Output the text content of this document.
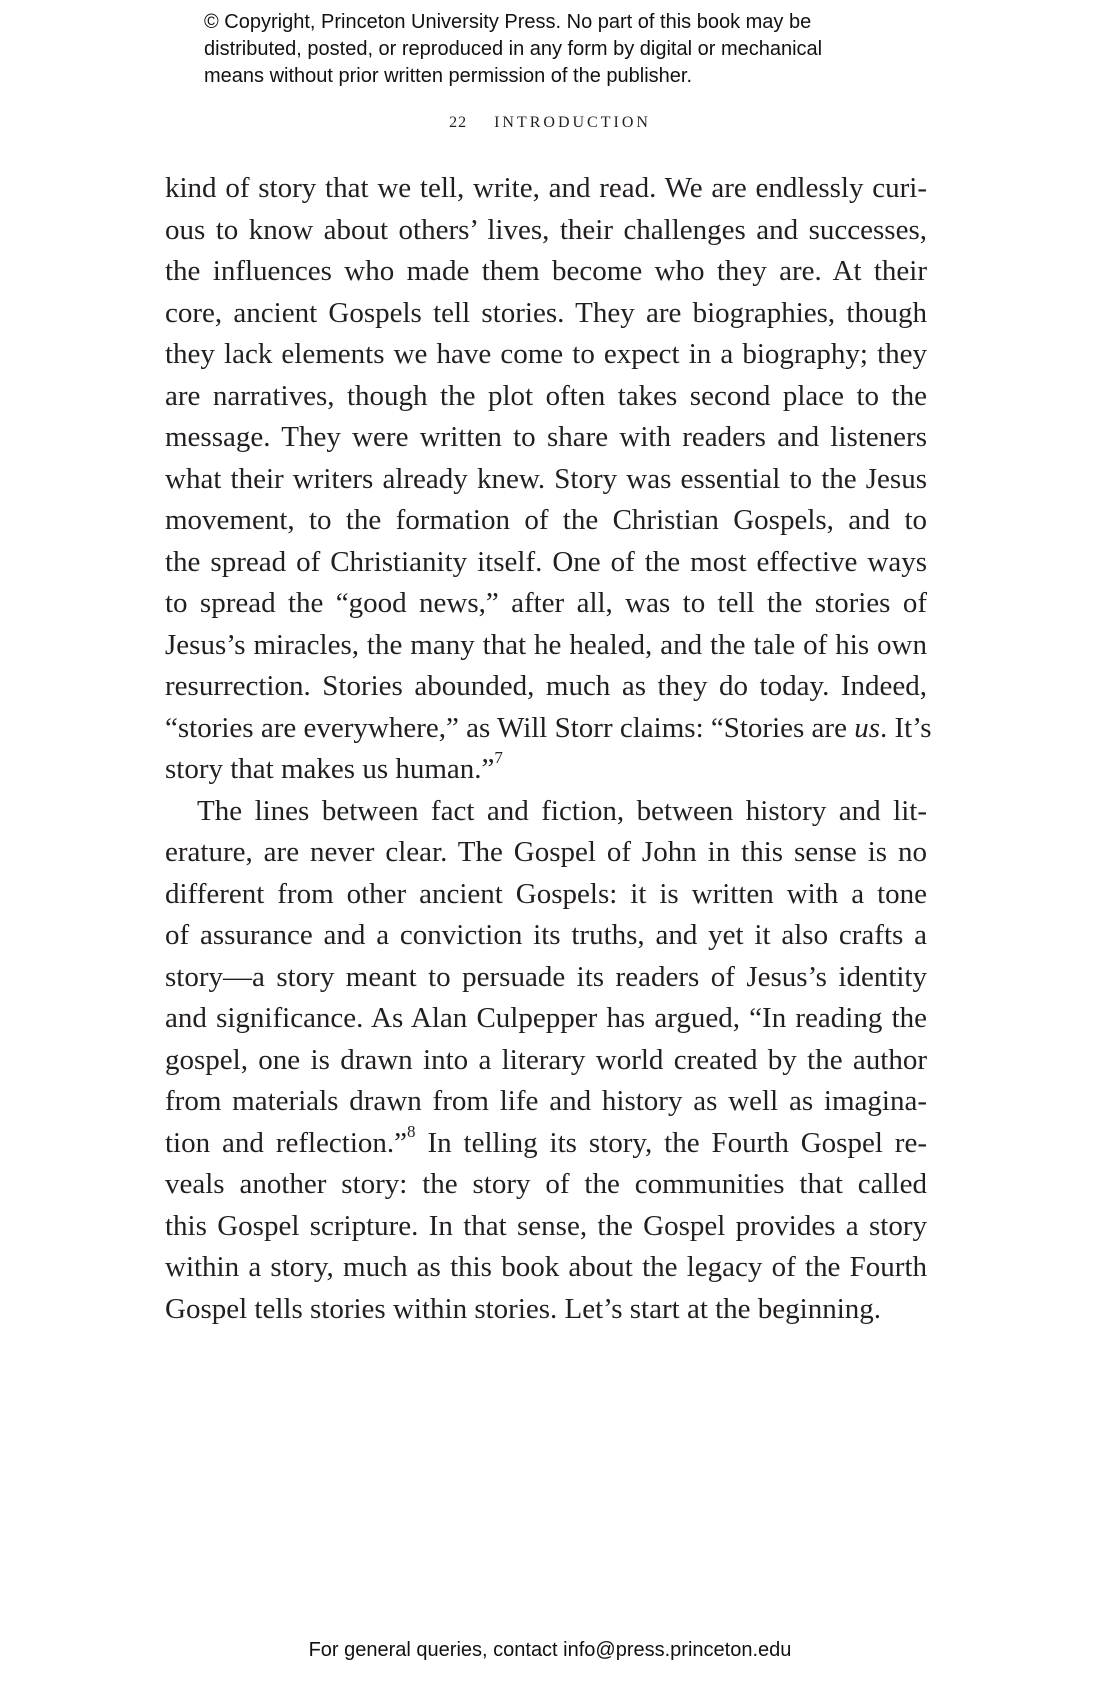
© Copyright, Princeton University Press. No part of this book may be
distributed, posted, or reproduced in any form by digital or mechanical
means without prior written permission of the publisher.
22 INTRODUCTION
kind of story that we tell, write, and read. We are endlessly curi-
ous to know about others’ lives, their challenges and successes,
the influences who made them become who they are. At their
core, ancient Gospels tell stories. They are biographies, though
they lack elements we have come to expect in a biography; they
are narratives, though the plot often takes second place to the
message. They were written to share with readers and listeners
what their writers already knew. Story was essential to the Jesus
movement, to the formation of the Christian Gospels, and to
the spread of Christianity itself. One of the most effective ways
to spread the “good news,” after all, was to tell the stories of
Jesus’s miracles, the many that he healed, and the tale of his own
resurrection. Stories abounded, much as they do today. Indeed,
“stories are everywhere,” as Will Storr claims: “Stories are us. It’s
story that makes us human.”$^7$
The lines between fact and fiction, between history and lit-
erature, are never clear. The Gospel of John in this sense is no
different from other ancient Gospels: it is written with a tone
of assurance and a conviction its truths, and yet it also crafts a
story—a story meant to persuade its readers of Jesus’s identity
and significance. As Alan Culpepper has argued, “In reading the
gospel, one is drawn into a literary world created by the author
from materials drawn from life and history as well as imagina-
tion and reflection.”$^8$ In telling its story, the Fourth Gospel re-
veals another story: the story of the communities that called
this Gospel scripture. In that sense, the Gospel provides a story
within a story, much as this book about the legacy of the Fourth
Gospel tells stories within stories. Let’s start at the beginning.
For general queries, contact info@press.princeton.edu
